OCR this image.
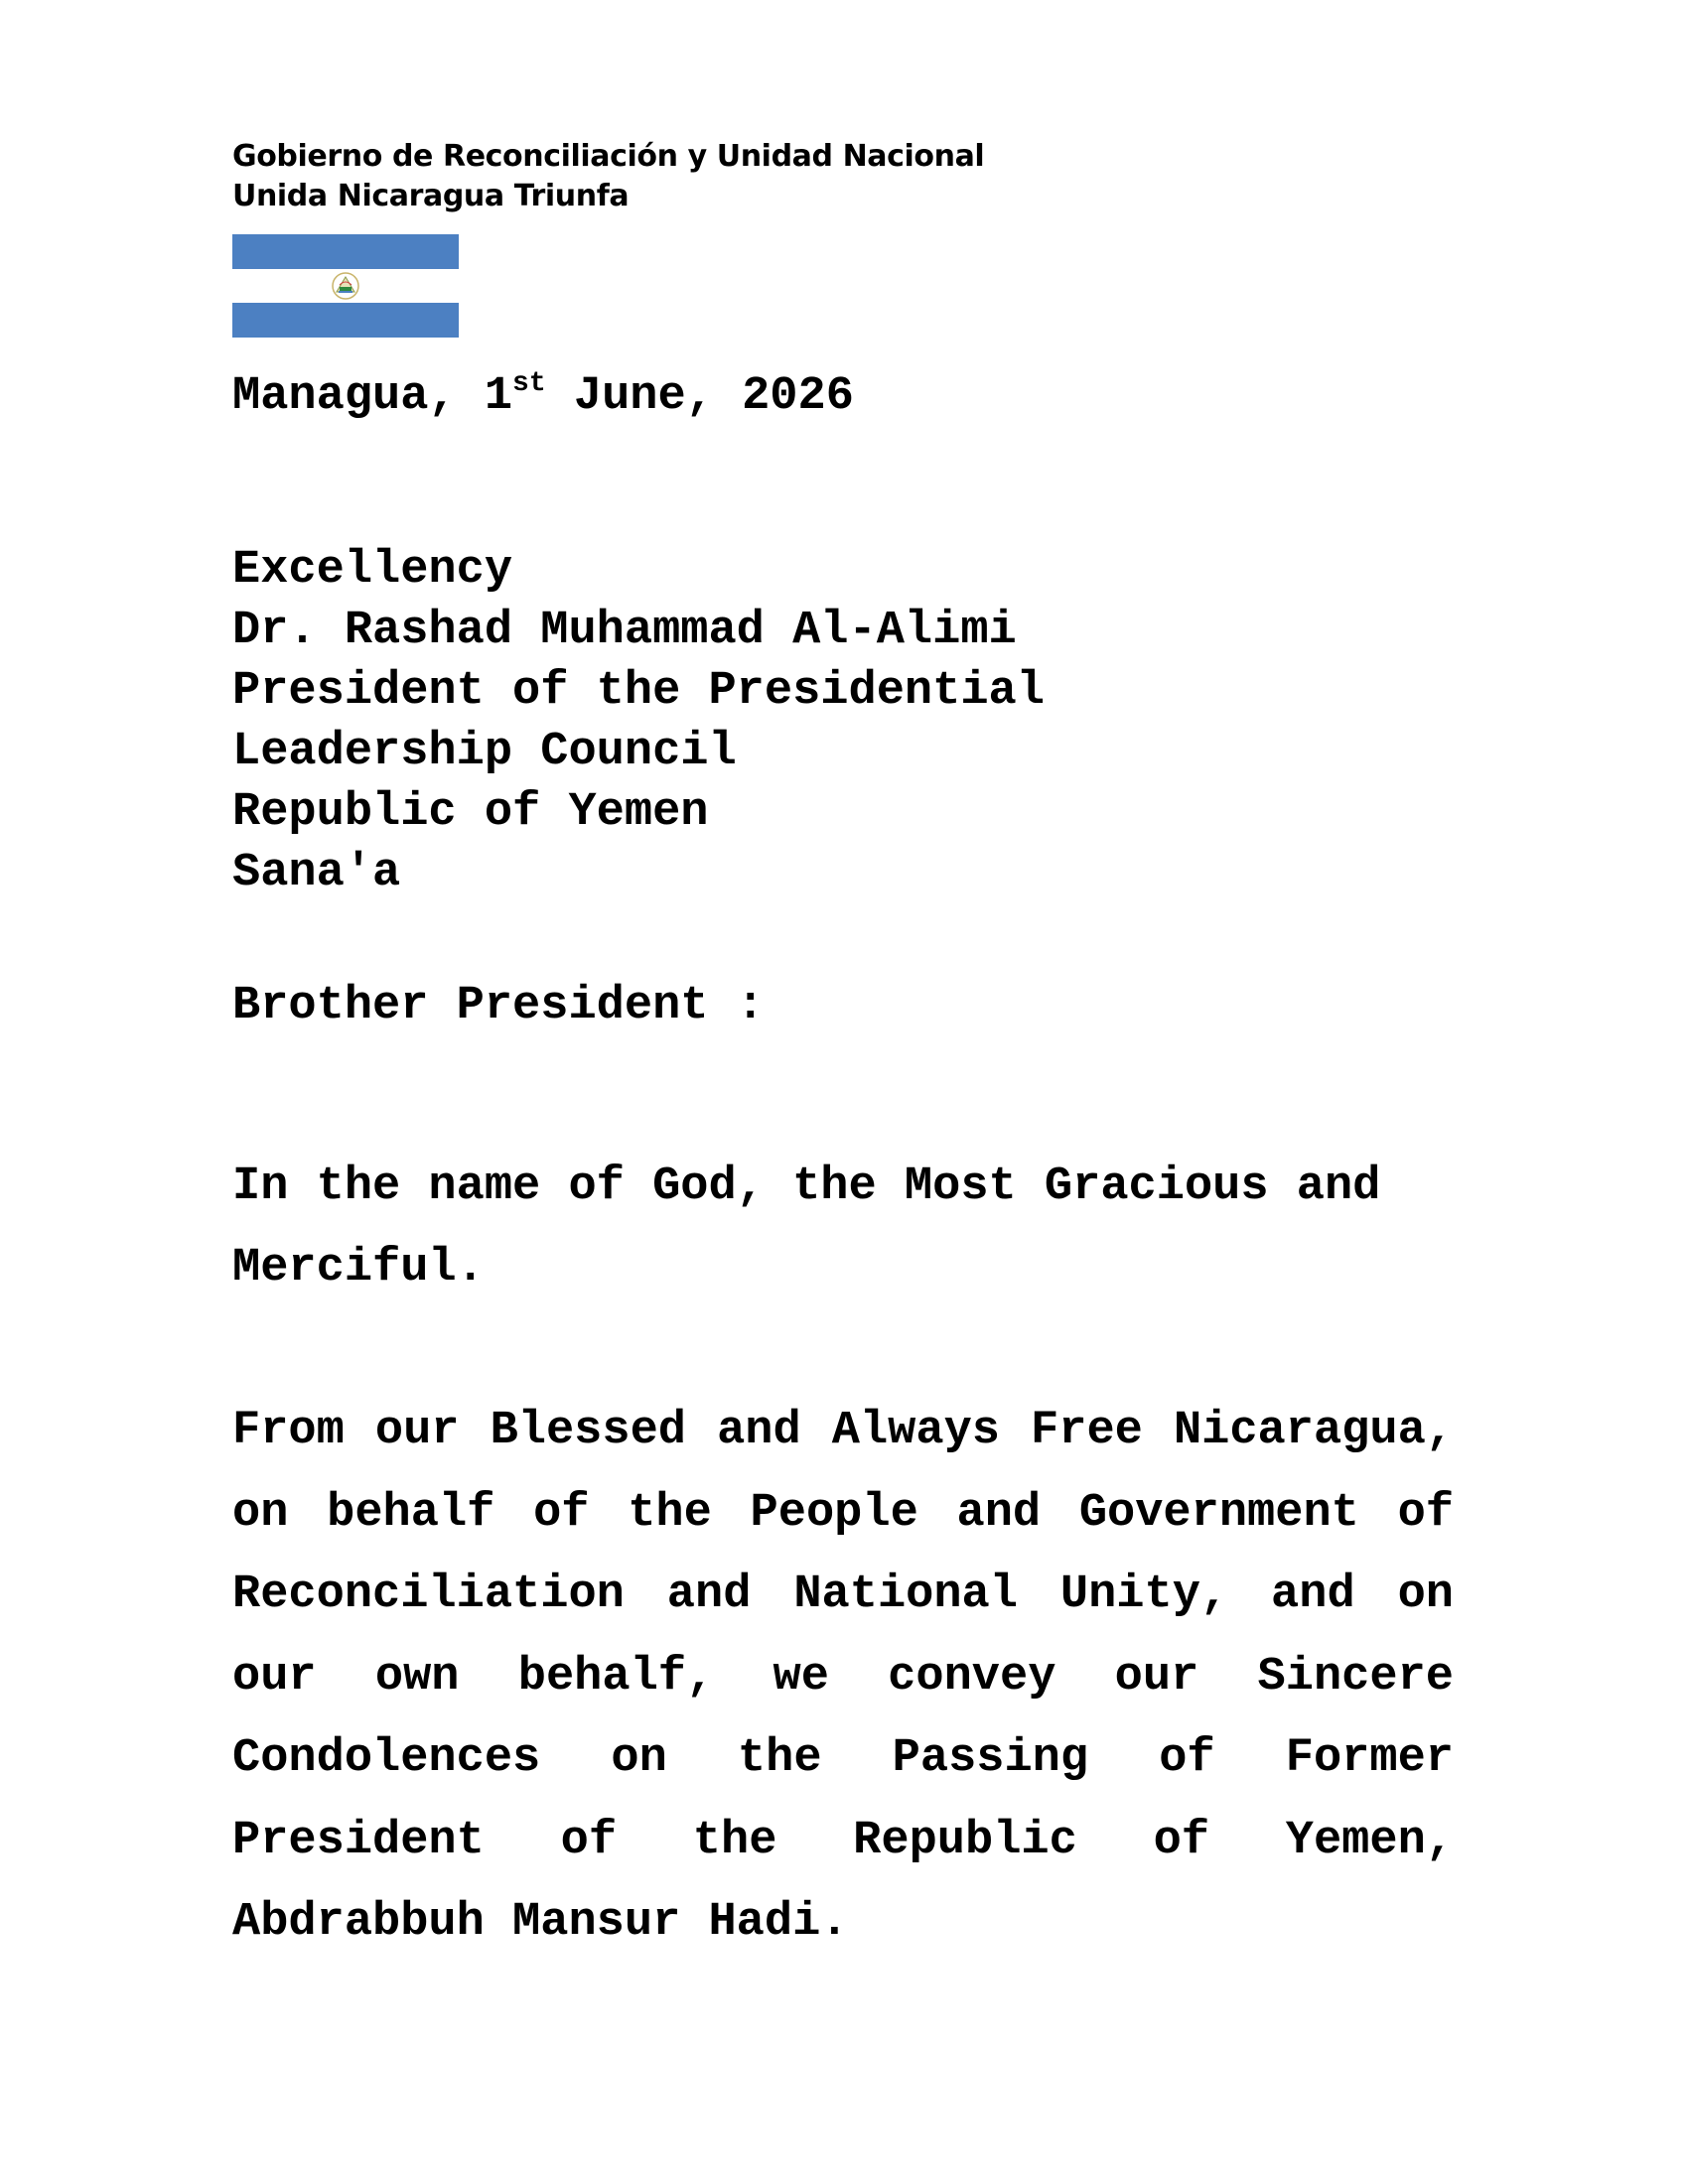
Gobierno de Reconciliación y Unidad Nacional
Unida Nicaragua Triunfa
Managua, 1st June, 2026
Excellency
Dr. Rashad Muhammad Al-Alimi
President of the Presidential
Leadership Council
Republic of Yemen
Sana'a
Brother President :
In the name of God, the Most Gracious and Merciful.
From our Blessed and Always Free Nicaragua, on behalf of the People and Government of Reconciliation and National Unity, and on our own behalf, we convey our Sincere Condolences on the Passing of Former President of the Republic of Yemen, Abdrabbuh Mansur Hadi.
